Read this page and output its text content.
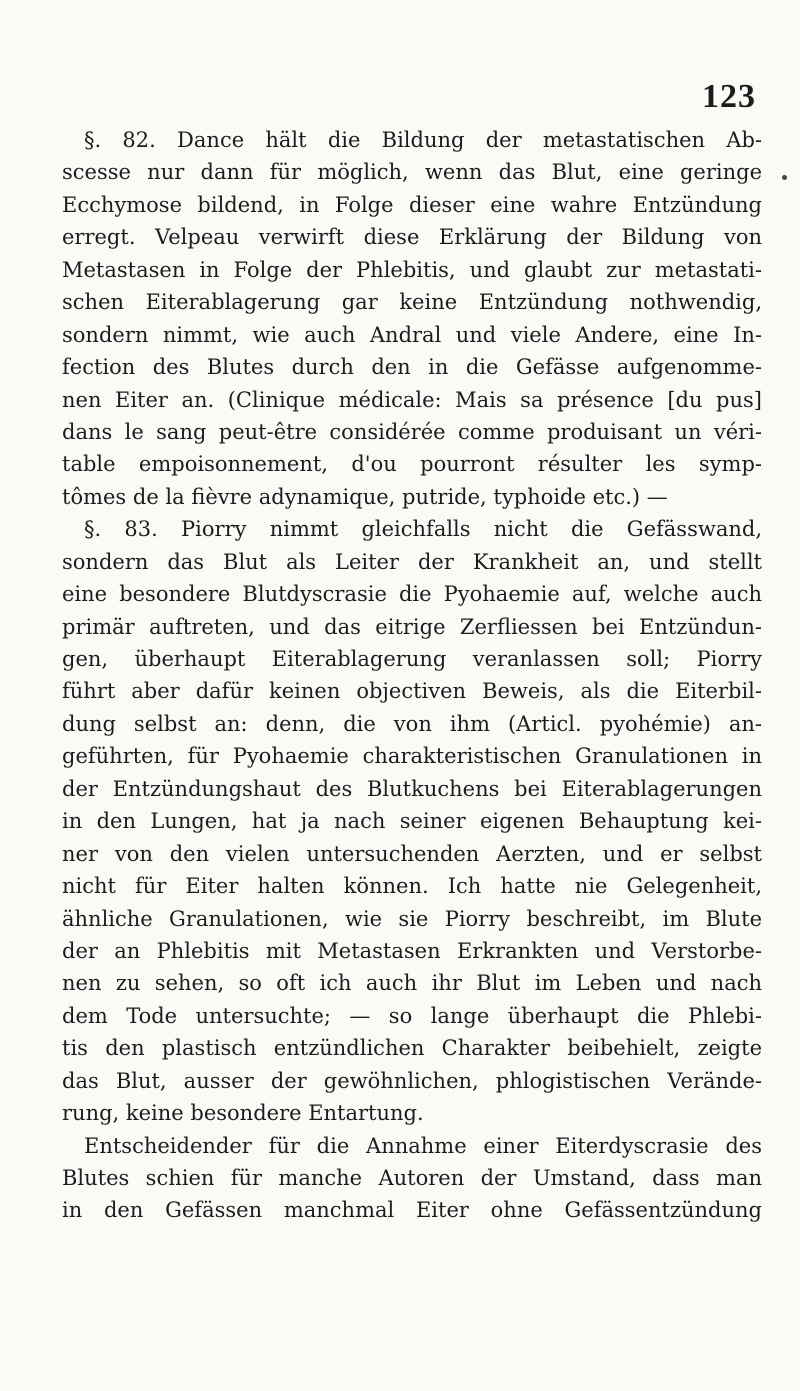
123
§. 82. Dance hält die Bildung der metastatischen Ab-
scesse nur dann für möglich, wenn das Blut, eine geringe
Ecchymose bildend, in Folge dieser eine wahre Entzündung
erregt. Velpeau verwirft diese Erklärung der Bildung von
Metastasen in Folge der Phlebitis, und glaubt zur metastati-
schen Eiterablagerung gar keine Entzündung nothwendig,
sondern nimmt, wie auch Andral und viele Andere, eine In-
fection des Blutes durch den in die Gefässe aufgenomme-
nen Eiter an. (Clinique médicale: Mais sa présence [du pus]
dans le sang peut-être considérée comme produisant un véri-
table empoisonnement, d'ou pourront résulter les symp-
tômes de la fièvre adynamique, putride, typhoide etc.) —
§. 83. Piorry nimmt gleichfalls nicht die Gefässwand,
sondern das Blut als Leiter der Krankheit an, und stellt
eine besondere Blutdyscrasie die Pyohaemie auf, welche auch
primär auftreten, und das eitrige Zerfliessen bei Entzündun-
gen, überhaupt Eiterablagerung veranlassen soll; Piorry
führt aber dafür keinen objectiven Beweis, als die Eiterbil-
dung selbst an: denn, die von ihm (Articl. pyohémie) an-
geführten, für Pyohaemie charakteristischen Granulationen in
der Entzündungshaut des Blutkuchens bei Eiterablagerungen
in den Lungen, hat ja nach seiner eigenen Behauptung kei-
ner von den vielen untersuchenden Aerzten, und er selbst
nicht für Eiter halten können. Ich hatte nie Gelegenheit,
ähnliche Granulationen, wie sie Piorry beschreibt, im Blute
der an Phlebitis mit Metastasen Erkrankten und Verstorbe-
nen zu sehen, so oft ich auch ihr Blut im Leben und nach
dem Tode untersuchte; — so lange überhaupt die Phlebi-
tis den plastisch entzündlichen Charakter beibehielt, zeigte
das Blut, ausser der gewöhnlichen, phlogistischen Verände-
rung, keine besondere Entartung.
Entscheidender für die Annahme einer Eiterdyscrasie des
Blutes schien für manche Autoren der Umstand, dass man
in den Gefässen manchmal Eiter ohne Gefässentzündung
